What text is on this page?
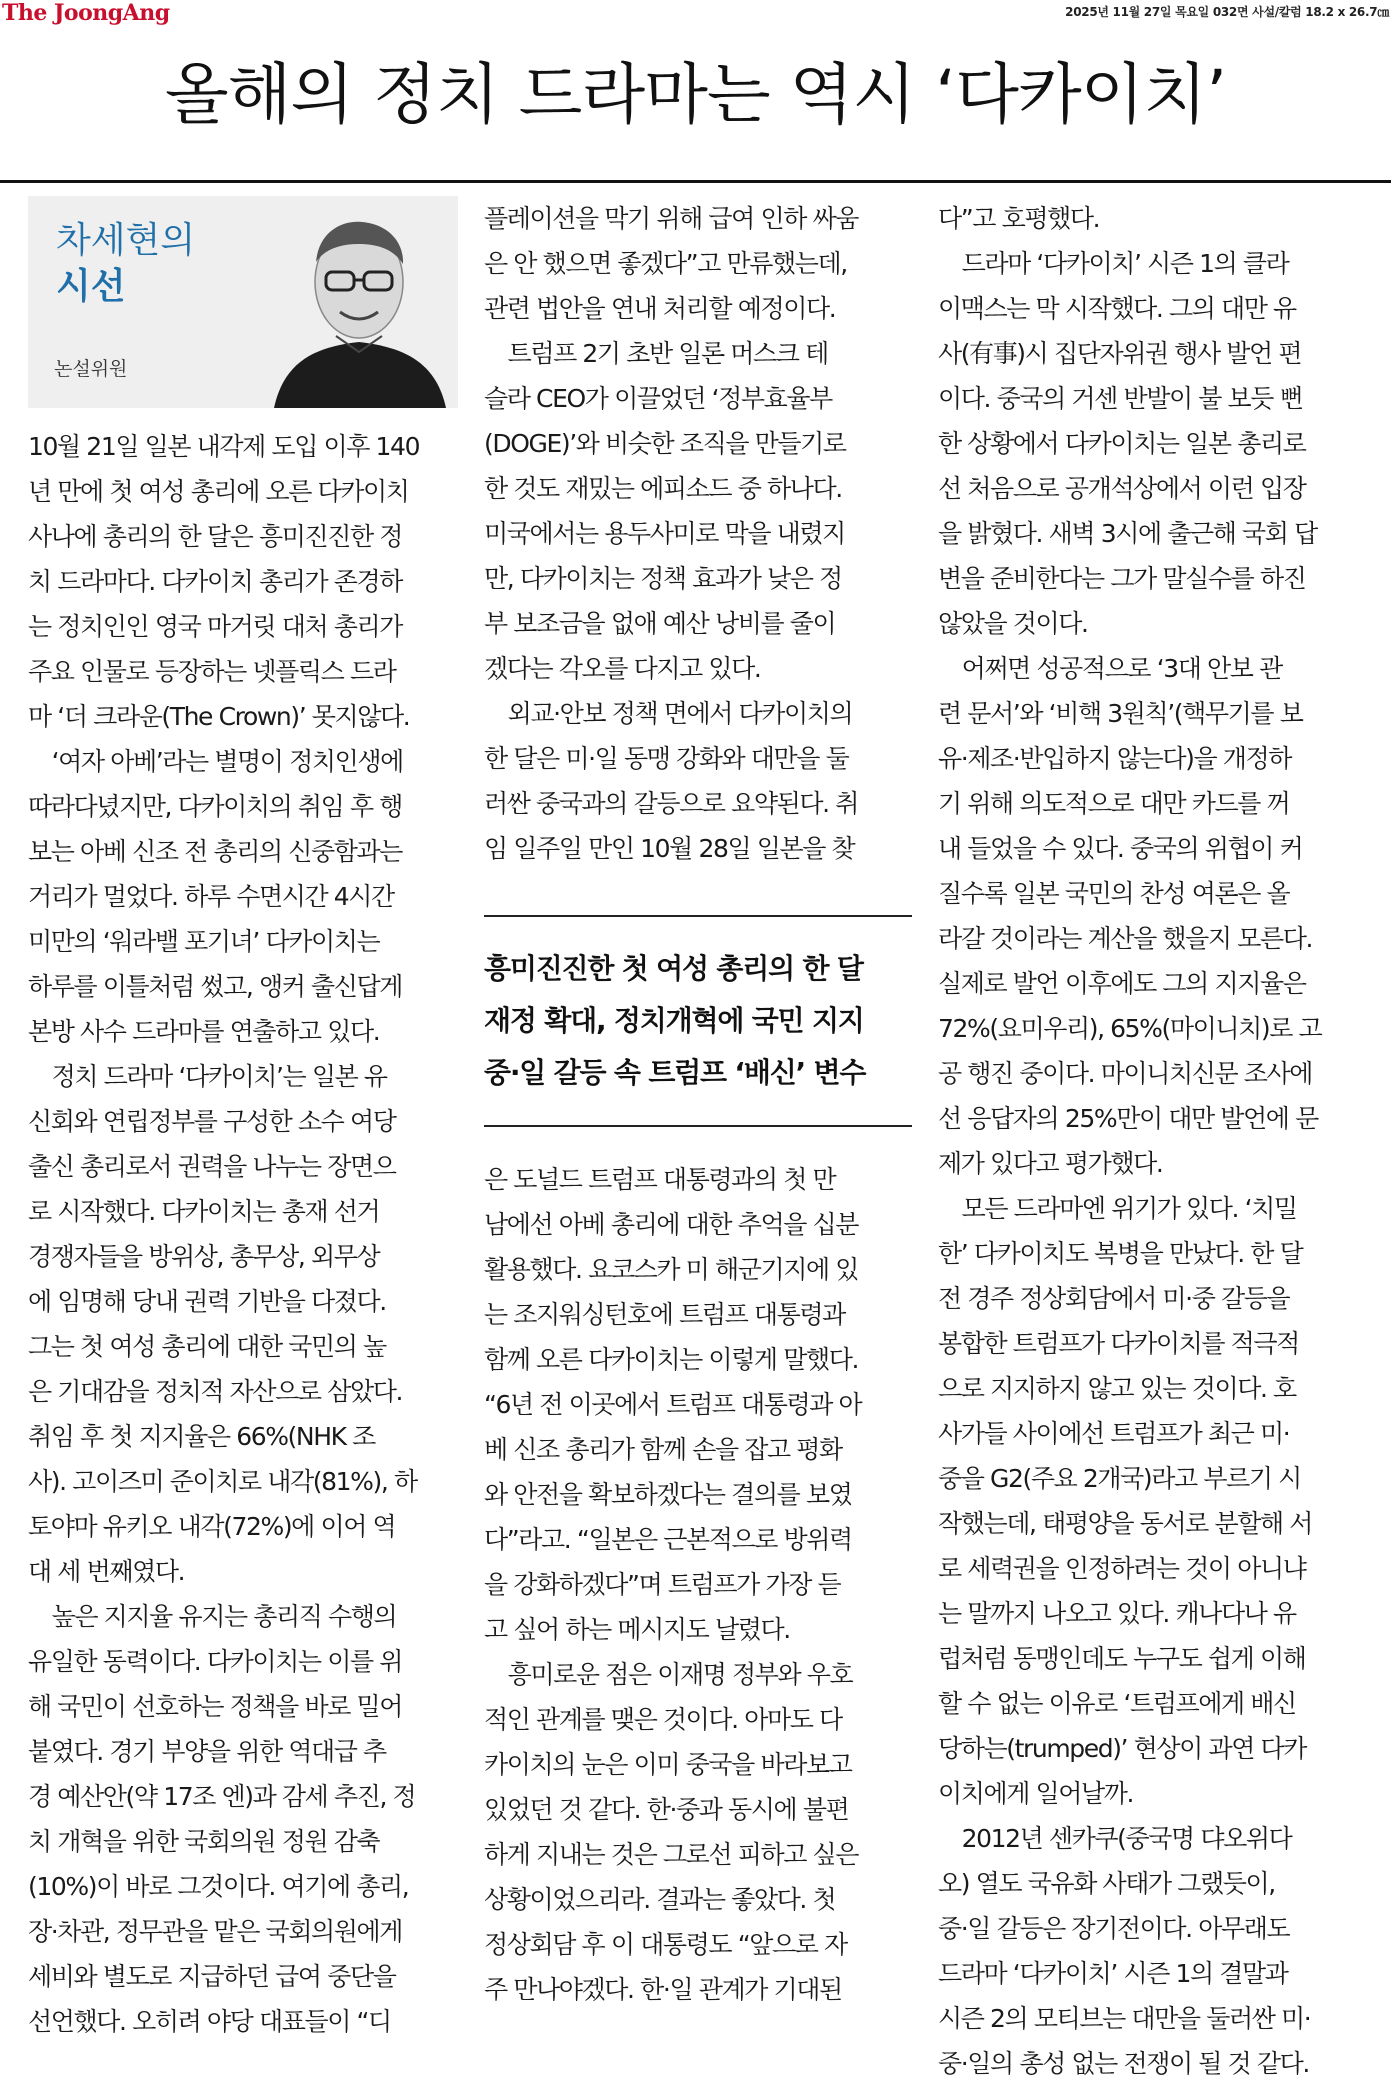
The JoongAng	2025년 11월 27일 목요일 032면 사설/칼럼 18.2 x 26.7㎝
올해의 정치 드라마는 역시 ‘다카이치’
차세현의
시선
논설위원
10월 21일 일본 내각제 도입 이후 140
년 만에 첫 여성 총리에 오른 다카이치
사나에 총리의 한 달은 흥미진진한 정
치 드라마다. 다카이치 총리가 존경하
는 정치인인 영국 마거릿 대처 총리가
주요 인물로 등장하는 넷플릭스 드라
마 ‘더 크라운(The Crown)’ 못지않다.
 ‘여자 아베’라는 별명이 정치인생에
따라다녔지만, 다카이치의 취임 후 행
보는 아베 신조 전 총리의 신중함과는
거리가 멀었다. 하루 수면시간 4시간
미만의 ‘워라밸 포기녀’ 다카이치는
하루를 이틀처럼 썼고, 앵커 출신답게
본방 사수 드라마를 연출하고 있다.
 정치 드라마 ‘다카이치’는 일본 유
신회와 연립정부를 구성한 소수 여당
출신 총리로서 권력을 나누는 장면으
로 시작했다. 다카이치는 총재 선거
경쟁자들을 방위상, 총무상, 외무상
에 임명해 당내 권력 기반을 다졌다.
그는 첫 여성 총리에 대한 국민의 높
은 기대감을 정치적 자산으로 삼았다.
취임 후 첫 지지율은 66%(NHK 조
사). 고이즈미 준이치로 내각(81%), 하
토야마 유키오 내각(72%)에 이어 역
대 세 번째였다.
 높은 지지율 유지는 총리직 수행의
유일한 동력이다. 다카이치는 이를 위
해 국민이 선호하는 정책을 바로 밀어
붙였다. 경기 부양을 위한 역대급 추
경 예산안(약 17조 엔)과 감세 추진, 정
치 개혁을 위한 국회의원 정원 감축
(10%)이 바로 그것이다. 여기에 총리,
장·차관, 정무관을 맡은 국회의원에게
세비와 별도로 지급하던 급여 중단을
선언했다. 오히려 야당 대표들이 “디
플레이션을 막기 위해 급여 인하 싸움
은 안 했으면 좋겠다”고 만류했는데,
관련 법안을 연내 처리할 예정이다.
 트럼프 2기 초반 일론 머스크 테
슬라 CEO가 이끌었던 ‘정부효율부
(DOGE)’와 비슷한 조직을 만들기로
한 것도 재밌는 에피소드 중 하나다.
미국에서는 용두사미로 막을 내렸지
만, 다카이치는 정책 효과가 낮은 정
부 보조금을 없애 예산 낭비를 줄이
겠다는 각오를 다지고 있다.
 외교·안보 정책 면에서 다카이치의
한 달은 미·일 동맹 강화와 대만을 둘
러싼 중국과의 갈등으로 요약된다. 취
임 일주일 만인 10월 28일 일본을 찾
흥미진진한 첫 여성 총리의 한 달
재정 확대, 정치개혁에 국민 지지
중·일 갈등 속 트럼프 ‘배신’ 변수
은 도널드 트럼프 대통령과의 첫 만
남에선 아베 총리에 대한 추억을 십분
활용했다. 요코스카 미 해군기지에 있
는 조지워싱턴호에 트럼프 대통령과
함께 오른 다카이치는 이렇게 말했다.
“6년 전 이곳에서 트럼프 대통령과 아
베 신조 총리가 함께 손을 잡고 평화
와 안전을 확보하겠다는 결의를 보였
다”라고. “일본은 근본적으로 방위력
을 강화하겠다”며 트럼프가 가장 듣
고 싶어 하는 메시지도 날렸다.
 흥미로운 점은 이재명 정부와 우호
적인 관계를 맺은 것이다. 아마도 다
카이치의 눈은 이미 중국을 바라보고
있었던 것 같다. 한·중과 동시에 불편
하게 지내는 것은 그로선 피하고 싶은
상황이었으리라. 결과는 좋았다. 첫
정상회담 후 이 대통령도 “앞으로 자
주 만나야겠다. 한·일 관계가 기대된
다”고 호평했다.
 드라마 ‘다카이치’ 시즌 1의 클라
이맥스는 막 시작했다. 그의 대만 유
사(有事)시 집단자위권 행사 발언 편
이다. 중국의 거센 반발이 불 보듯 뻔
한 상황에서 다카이치는 일본 총리로
선 처음으로 공개석상에서 이런 입장
을 밝혔다. 새벽 3시에 출근해 국회 답
변을 준비한다는 그가 말실수를 하진
않았을 것이다.
 어쩌면 성공적으로 ‘3대 안보 관
련 문서’와 ‘비핵 3원칙’(핵무기를 보
유·제조·반입하지 않는다)을 개정하
기 위해 의도적으로 대만 카드를 꺼
내 들었을 수 있다. 중국의 위협이 커
질수록 일본 국민의 찬성 여론은 올
라갈 것이라는 계산을 했을지 모른다.
실제로 발언 이후에도 그의 지지율은
72%(요미우리), 65%(마이니치)로 고
공 행진 중이다. 마이니치신문 조사에
선 응답자의 25%만이 대만 발언에 문
제가 있다고 평가했다.
 모든 드라마엔 위기가 있다. ‘치밀
한’ 다카이치도 복병을 만났다. 한 달
전 경주 정상회담에서 미·중 갈등을
봉합한 트럼프가 다카이치를 적극적
으로 지지하지 않고 있는 것이다. 호
사가들 사이에선 트럼프가 최근 미·
중을 G2(주요 2개국)라고 부르기 시
작했는데, 태평양을 동서로 분할해 서
로 세력권을 인정하려는 것이 아니냐
는 말까지 나오고 있다. 캐나다나 유
럽처럼 동맹인데도 누구도 쉽게 이해
할 수 없는 이유로 ‘트럼프에게 배신
당하는(trumped)’ 현상이 과연 다카
이치에게 일어날까.
 2012년 센카쿠(중국명 댜오위다
오) 열도 국유화 사태가 그랬듯이,
중·일 갈등은 장기전이다. 아무래도
드라마 ‘다카이치’ 시즌 1의 결말과
시즌 2의 모티브는 대만을 둘러싼 미·
중·일의 총성 없는 전쟁이 될 것 같다.
